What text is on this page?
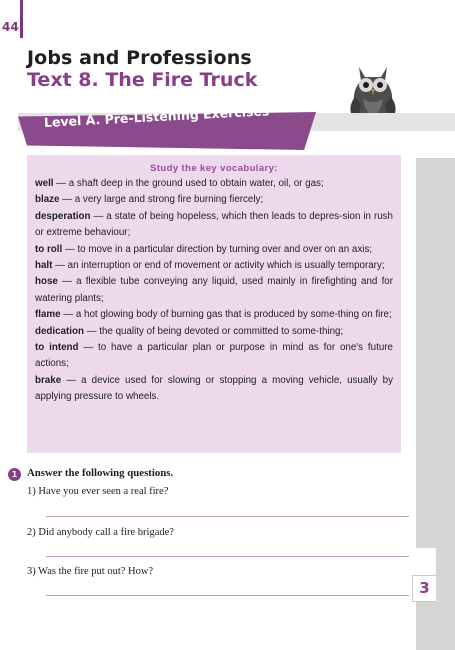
44
Jobs and Professions
Text 8. The Fire Truck
Level A. Pre-Listening Exercises
3
Study the key vocabulary:
well — a shaft deep in the ground used to obtain water, oil, or gas;
blaze — a very large and strong fire burning fiercely;
desperation — a state of being hopeless, which then leads to depres-sion in rush or extreme behaviour;
to roll — to move in a particular direction by turning over and over on an axis;
halt — an interruption or end of movement or activity which is usually temporary;
hose — a flexible tube conveying any liquid, used mainly in firefighting and for watering plants;
flame — a hot glowing body of burning gas that is produced by some-thing on fire;
dedication — the quality of being devoted or committed to some-thing;
to intend — to have a particular plan or purpose in mind as for one's future actions;
brake — a device used for slowing or stopping a moving vehicle, usually by applying pressure to wheels.
1 Answer the following questions.
1) Have you ever seen a real fire?
2) Did anybody call a fire brigade?
3) Was the fire put out? How?
